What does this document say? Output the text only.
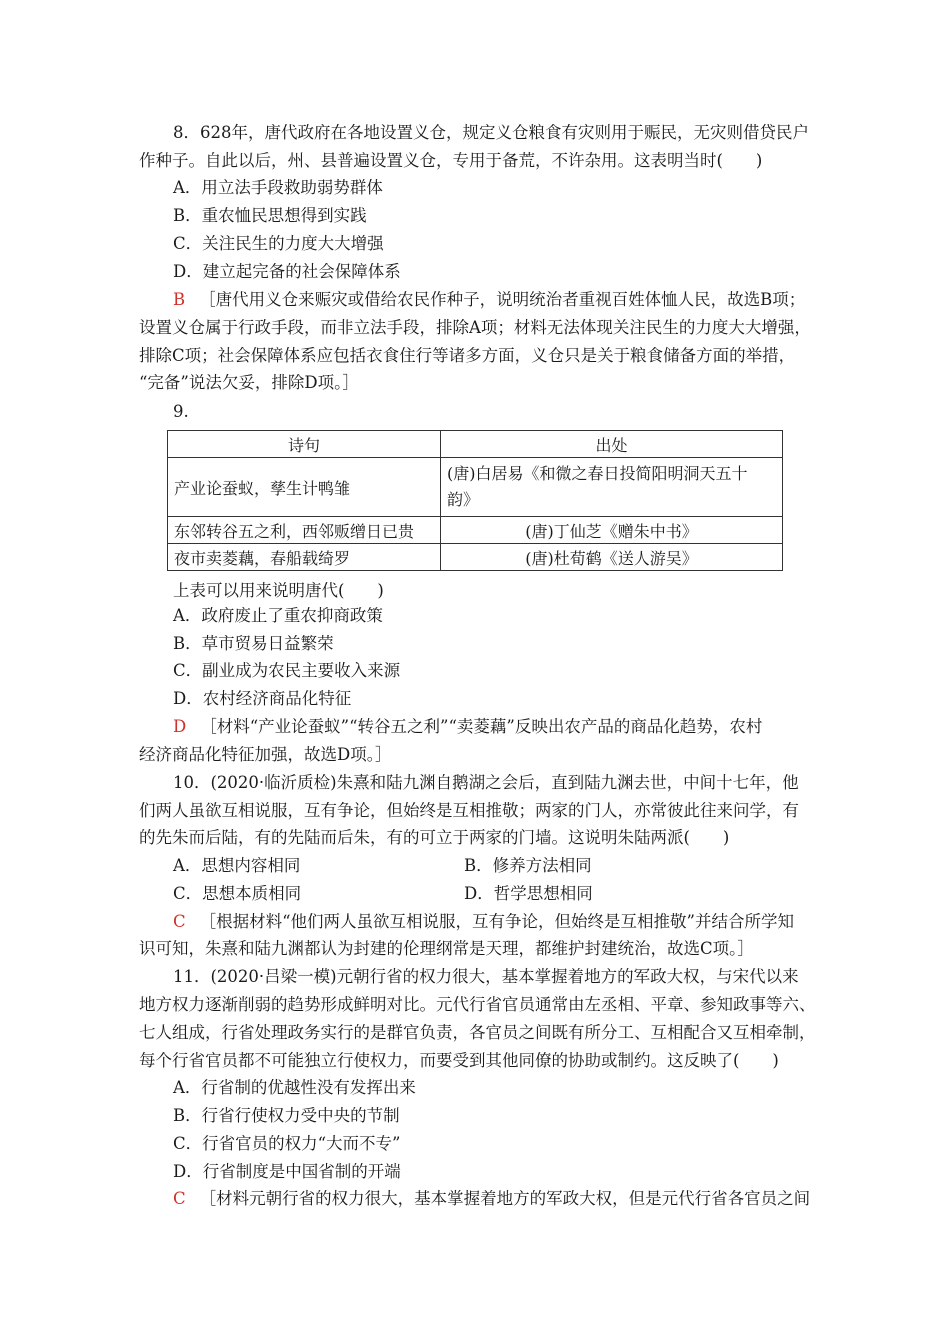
8．628年，唐代政府在各地设置义仓，规定义仓粮食有灾则用于赈民，无灾则借贷民户
作种子。自此以后，州、县普遍设置义仓，专用于备荒，不许杂用。这表明当时(　　)
A．用立法手段救助弱势群体
B．重农恤民思想得到实践
C．关注民生的力度大大增强
D．建立起完备的社会保障体系
B ［唐代用义仓来赈灾或借给农民作种子，说明统治者重视百姓体恤人民，故选B项；
设置义仓属于行政手段，而非立法手段，排除A项；材料无法体现关注民生的力度大大增强，
排除C项；社会保障体系应包括衣食住行等诸多方面，义仓只是关于粮食储备方面的举措，
“完备”说法欠妥，排除D项。］
9.
诗句	出处
产业论蚕蚁，孳生计鸭雏	(唐)白居易《和微之春日投简阳明洞天五十
韵》

东邻转谷五之利，西邻贩缯日已贵	(唐)丁仙芝《赠朱中书》
夜市卖菱藕，春船载绮罗	(唐)杜荀鹤《送人游吴》
上表可以用来说明唐代(　　)
A．政府废止了重农抑商政策
B．草市贸易日益繁荣
C．副业成为农民主要收入来源
D．农村经济商品化特征
D ［材料“产业论蚕蚁”“转谷五之利”“卖菱藕”反映出农产品的商品化趋势，农村
经济商品化特征加强，故选D项。］
10．(2020·临沂质检)朱熹和陆九渊自鹅湖之会后，直到陆九渊去世，中间十七年，他
们两人虽欲互相说服，互有争论，但始终是互相推敬；两家的门人，亦常彼此往来问学，有
的先朱而后陆，有的先陆而后朱，有的可立于两家的门墙。这说明朱陆两派(　　)
A．思想内容相同	B．修养方法相同
C．思想本质相同	D．哲学思想相同
C ［根据材料“他们两人虽欲互相说服，互有争论，但始终是互相推敬”并结合所学知
识可知，朱熹和陆九渊都认为封建的伦理纲常是天理，都维护封建统治，故选C项。］
11．(2020·吕梁一模)元朝行省的权力很大，基本掌握着地方的军政大权，与宋代以来
地方权力逐渐削弱的趋势形成鲜明对比。元代行省官员通常由左丞相、平章、参知政事等六、
七人组成，行省处理政务实行的是群官负责，各官员之间既有所分工、互相配合又互相牵制，
每个行省官员都不可能独立行使权力，而要受到其他同僚的协助或制约。这反映了(　　)
A．行省制的优越性没有发挥出来
B．行省行使权力受中央的节制
C．行省官员的权力“大而不专”
D．行省制度是中国省制的开端
C ［材料元朝行省的权力很大，基本掌握着地方的军政大权，但是元代行省各官员之间
